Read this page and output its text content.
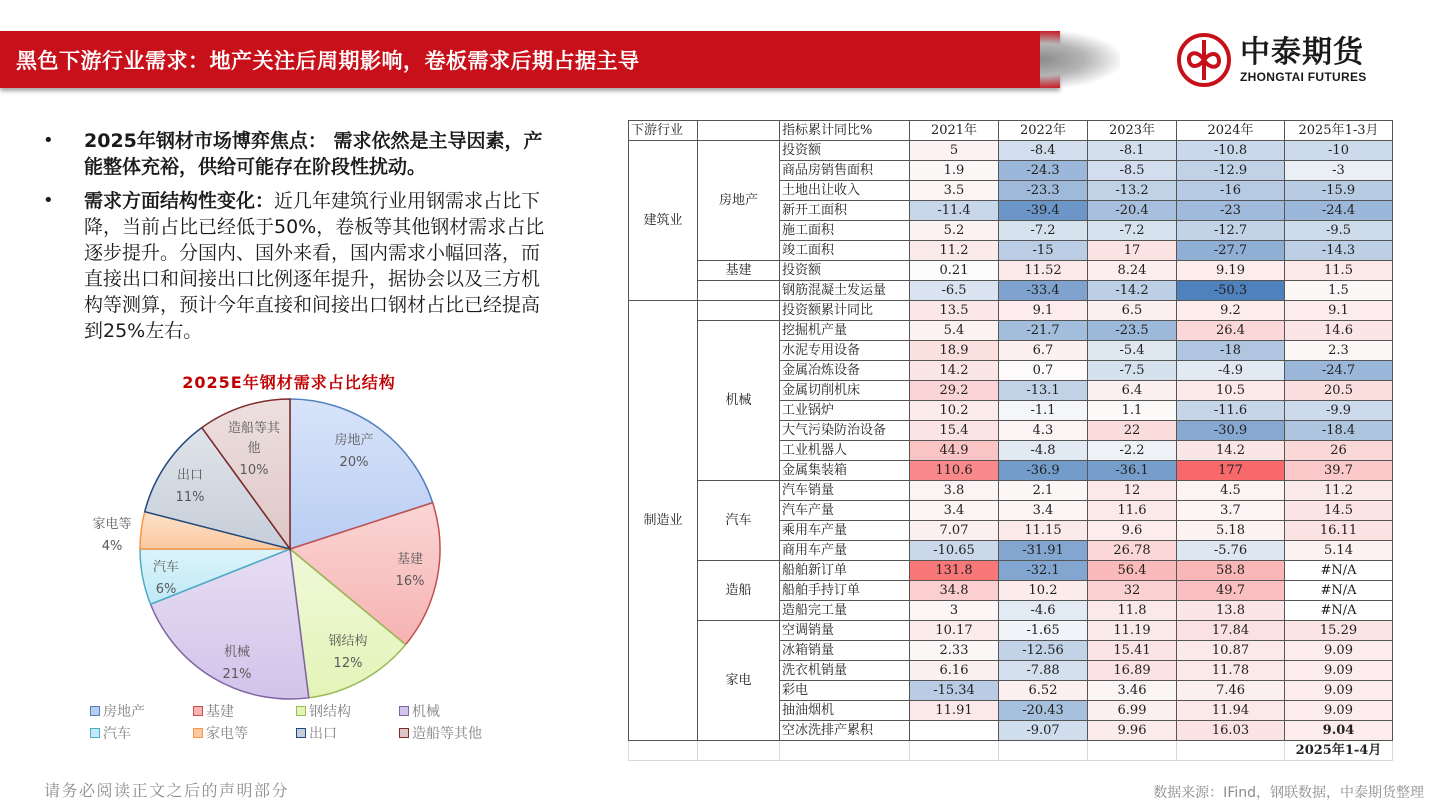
黑色下游行业需求：地产关注后周期影响，卷板需求后期占据主导	中泰期货
ZHONGTAI FUTURES
•	2025年钢材市场博弈焦点： 需求依然是主导因素，产能整体充裕，供给可能存在阶段性扰动。
•	需求方面结构性变化：近几年建筑行业用钢需求占比下降，当前占比已经低于50%，卷板等其他钢材需求占比逐步提升。分国内、国外来看，国内需求小幅回落，而直接出口和间接出口比例逐年提升，据协会以及三方机构等测算，预计今年直接和间接出口钢材占比已经提高到25%左右。
房地产
20%
基建
16%
钢结构
12%
机械
21%
汽车
6%
家电等
4%
出口
11%
造船等其
他
10%
2025E年钢材需求占比结构
房地产	基建	钢结构	机械
汽车	家电等	出口	造船等其他
下游行业		指标累计同比%	2021年	2022年	2023年	2024年	2025年1-3月
建筑业	房地产	投资额	5	-8.4	-8.1	-10.8	-10
		商品房销售面积	1.9	-24.3	-8.5	-12.9	-3
		土地出让收入	3.5	-23.3	-13.2	-16	-15.9
		新开工面积	-11.4	-39.4	-20.4	-23	-24.4
		施工面积	5.2	-7.2	-7.2	-12.7	-9.5
		竣工面积	11.2	-15	17	-27.7	-14.3
	基建	投资额	0.21	11.52	8.24	9.19	11.5
		钢筋混凝土发运量	-6.5	-33.4	-14.2	-50.3	1.5
制造业		投资额累计同比	13.5	9.1	6.5	9.2	9.1
	机械	挖掘机产量	5.4	-21.7	-23.5	26.4	14.6
		水泥专用设备	18.9	6.7	-5.4	-18	2.3
		金属冶炼设备	14.2	0.7	-7.5	-4.9	-24.7
		金属切削机床	29.2	-13.1	6.4	10.5	20.5
		工业锅炉	10.2	-1.1	1.1	-11.6	-9.9
		大气污染防治设备	15.4	4.3	22	-30.9	-18.4
		工业机器人	44.9	-4.8	-2.2	14.2	26
		金属集装箱	110.6	-36.9	-36.1	177	39.7
	汽车	汽车销量	3.8	2.1	12	4.5	11.2
		汽车产量	3.4	3.4	11.6	3.7	14.5
		乘用车产量	7.07	11.15	9.6	5.18	16.11
		商用车产量	-10.65	-31.91	26.78	-5.76	5.14
	造船	船舶新订单	131.8	-32.1	56.4	58.8	#N/A
		船舶手持订单	34.8	10.2	32	49.7	#N/A
		造船完工量	3	-4.6	11.8	13.8	#N/A
	家电	空调销量	10.17	-1.65	11.19	17.84	15.29
		冰箱销量	2.33	-12.56	15.41	10.87	9.09
		洗衣机销量	6.16	-7.88	16.89	11.78	9.09
		彩电	-15.34	6.52	3.46	7.46	9.09
		抽油烟机	11.91	-20.43	6.99	11.94	9.09
		空冰洗排产累积		-9.07	9.96	16.03	9.04
							2025年1-4月
请务必阅读正文之后的声明部分	数据来源：IFind，钢联数据，中泰期货整理
